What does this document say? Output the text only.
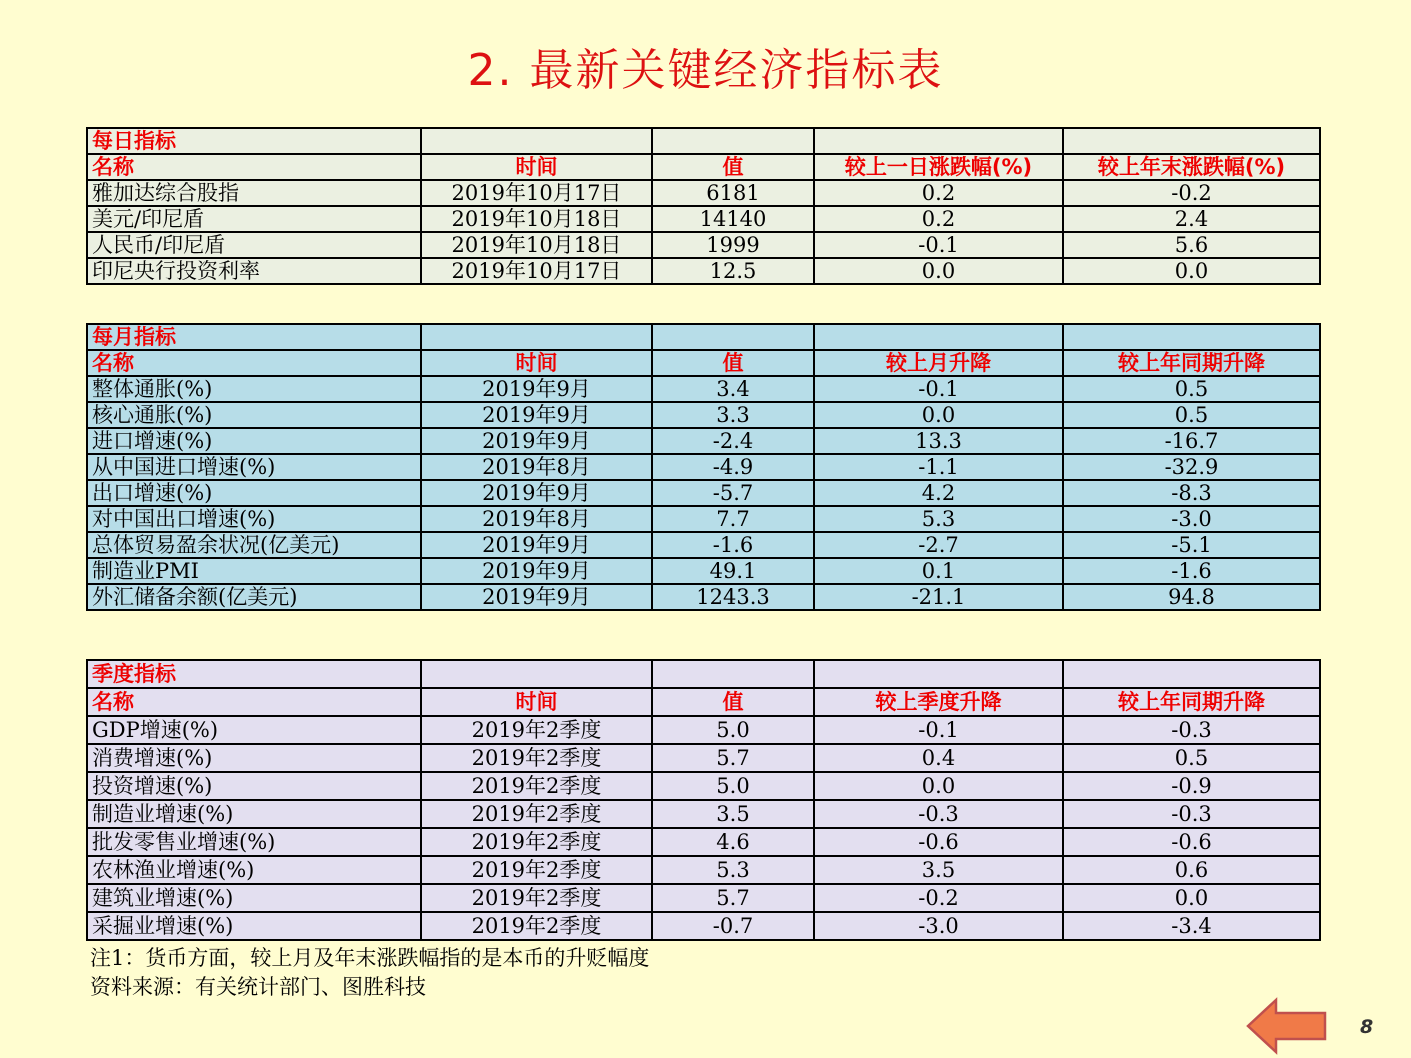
2. 最新关键经济指标表
每日指标				
名称	时间	值	较上一日涨跌幅(%)	较上年末涨跌幅(%)
雅加达综合股指	2019年10月17日	6181	0.2	-0.2
美元/印尼盾	2019年10月18日	14140	0.2	2.4
人民币/印尼盾	2019年10月18日	1999	-0.1	5.6
印尼央行投资利率	2019年10月17日	12.5	0.0	0.0
每月指标				
名称	时间	值	较上月升降	较上年同期升降
整体通胀(%)	2019年9月	3.4	-0.1	0.5
核心通胀(%)	2019年9月	3.3	0.0	0.5
进口增速(%)	2019年9月	-2.4	13.3	-16.7
从中国进口增速(%)	2019年8月	-4.9	-1.1	-32.9
出口增速(%)	2019年9月	-5.7	4.2	-8.3
对中国出口增速(%)	2019年8月	7.7	5.3	-3.0
总体贸易盈余状况(亿美元)	2019年9月	-1.6	-2.7	-5.1
制造业PMI	2019年9月	49.1	0.1	-1.6
外汇储备余额(亿美元)	2019年9月	1243.3	-21.1	94.8
季度指标				
名称	时间	值	较上季度升降	较上年同期升降
GDP增速(%)	2019年2季度	5.0	-0.1	-0.3
消费增速(%)	2019年2季度	5.7	0.4	0.5
投资增速(%)	2019年2季度	5.0	0.0	-0.9
制造业增速(%)	2019年2季度	3.5	-0.3	-0.3
批发零售业增速(%)	2019年2季度	4.6	-0.6	-0.6
农林渔业增速(%)	2019年2季度	5.3	3.5	0.6
建筑业增速(%)	2019年2季度	5.7	-0.2	0.0
采掘业增速(%)	2019年2季度	-0.7	-3.0	-3.4
注1：货币方面，较上月及年末涨跌幅指的是本币的升贬幅度
资料来源：有关统计部门、图胜科技
8
